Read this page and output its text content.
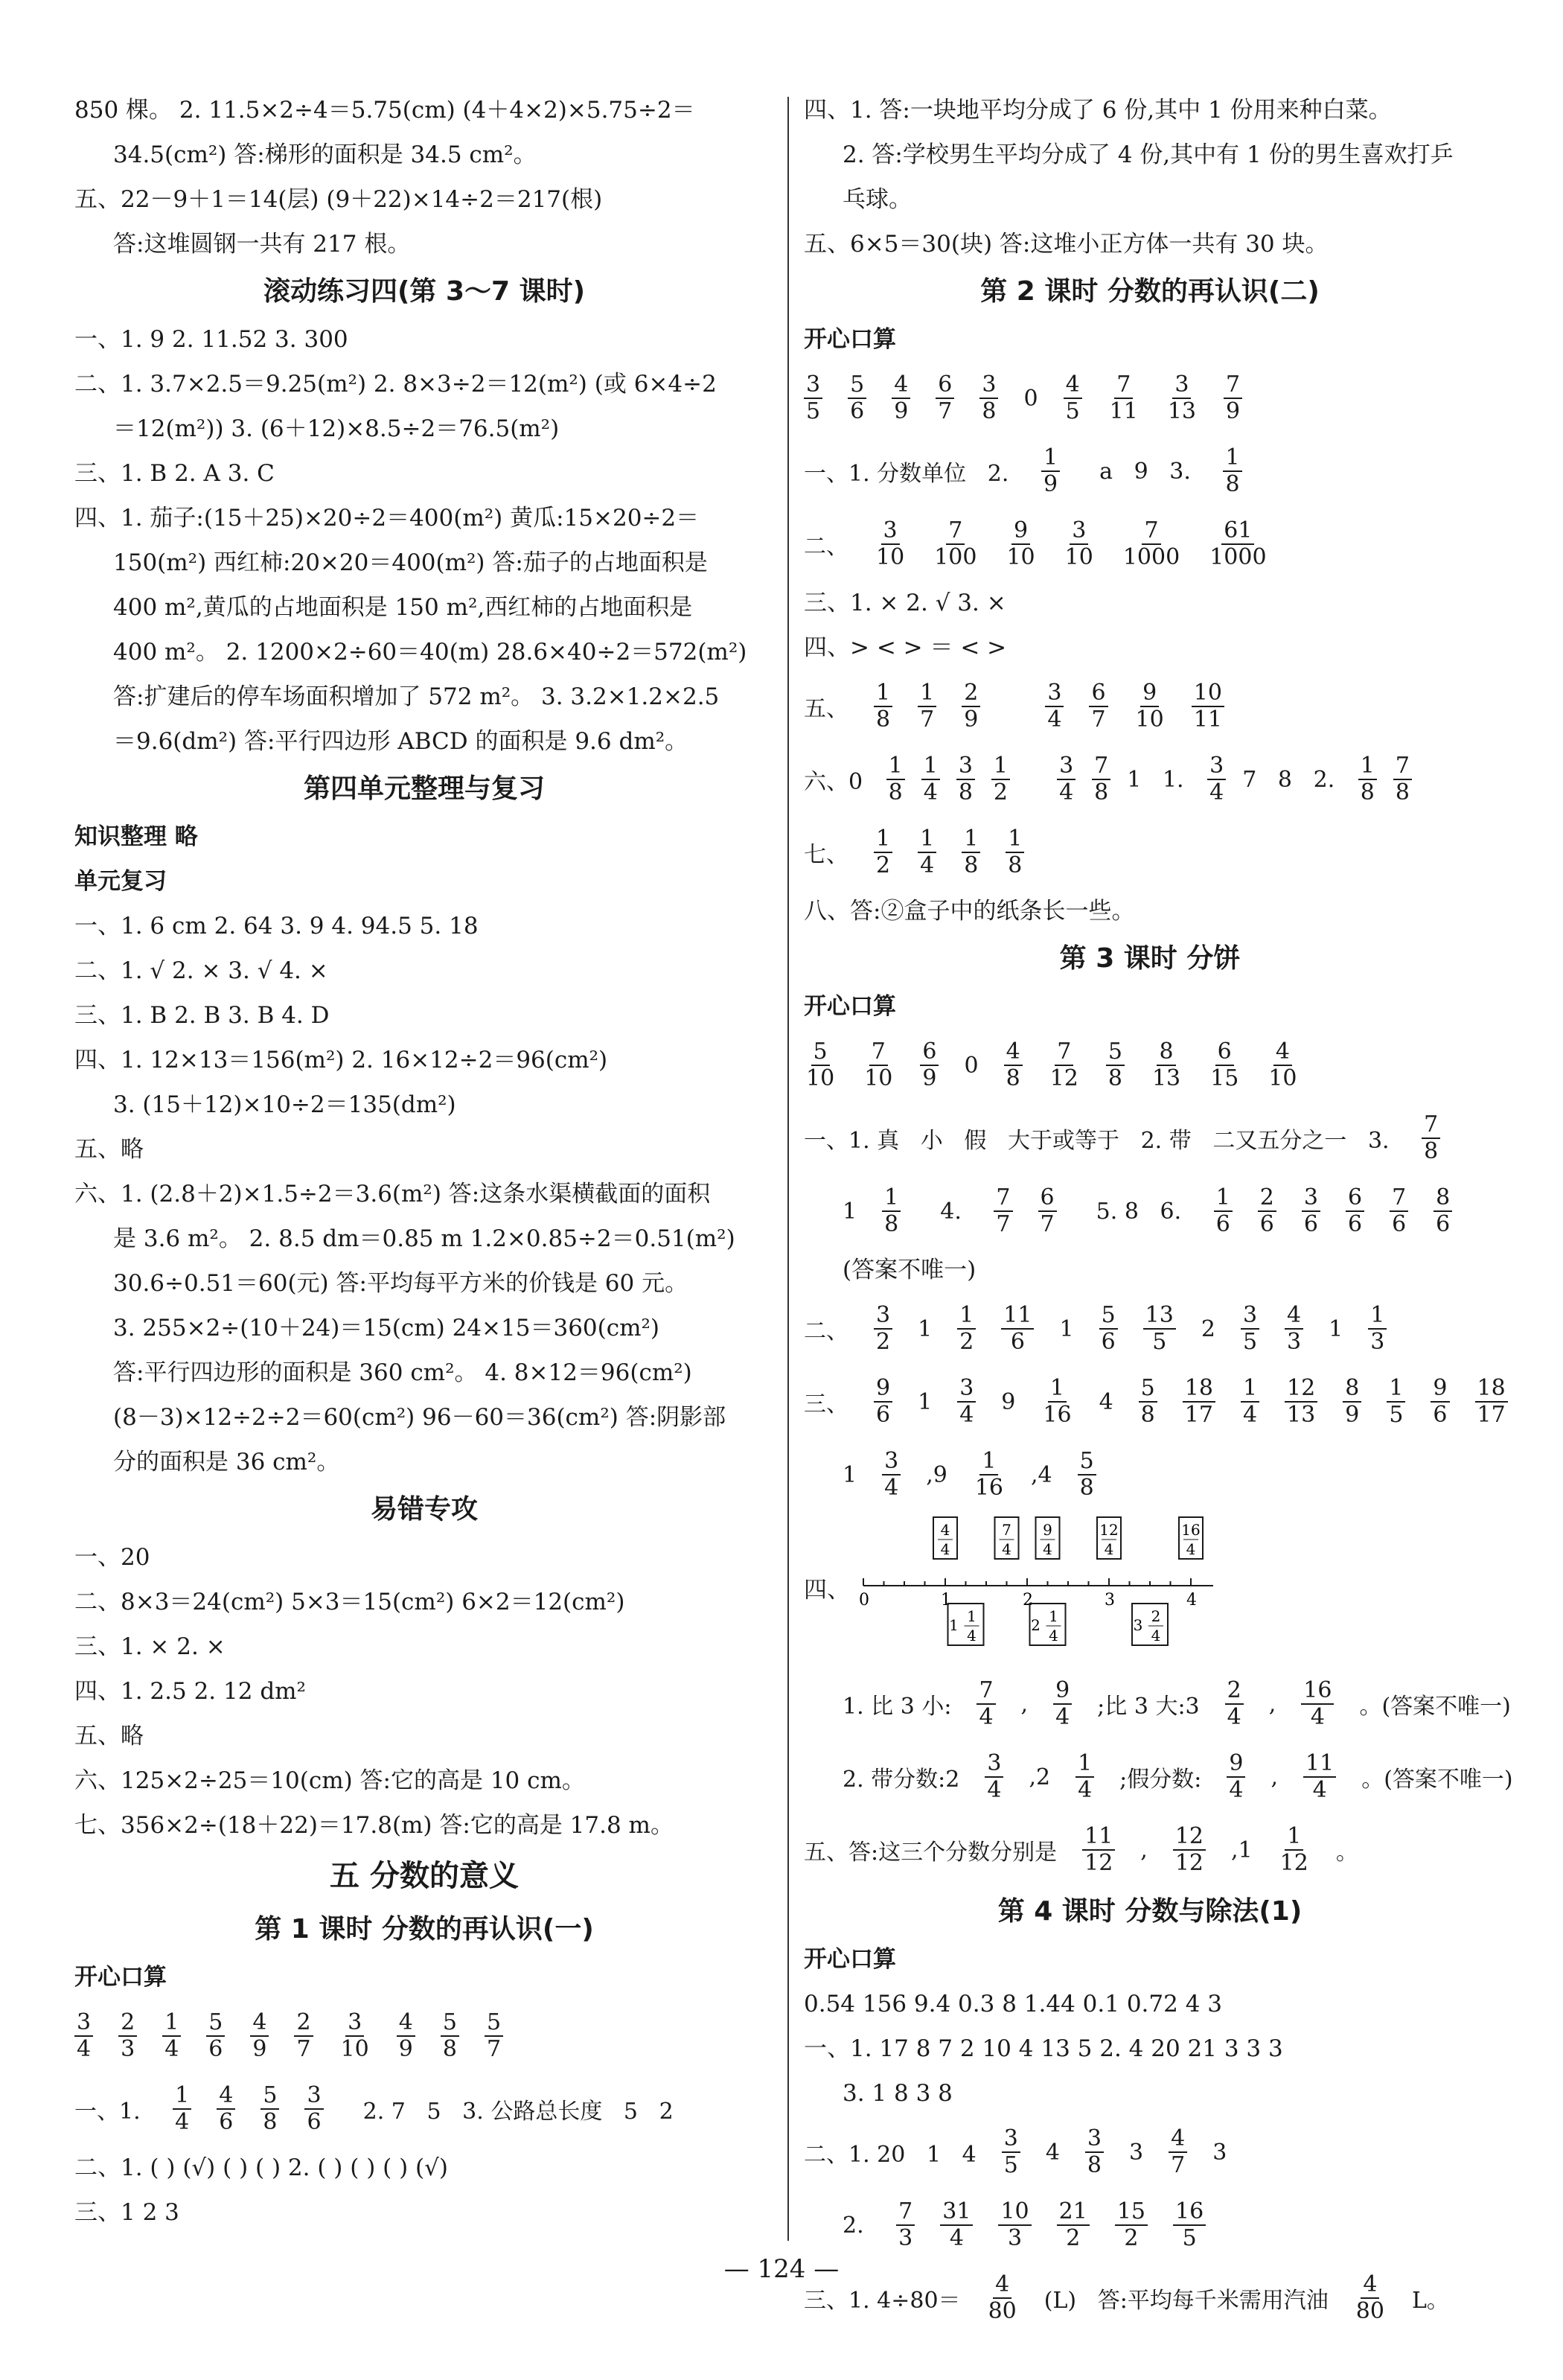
850 棵。 2. 11.5×2÷4＝5.75(cm) (4＋4×2)×5.75÷2＝
34.5(cm²) 答:梯形的面积是 34.5 cm²。
五、22－9＋1＝14(层) (9＋22)×14÷2＝217(根)
答:这堆圆钢一共有 217 根。
滚动练习四(第 3～7 课时)
一、1. 9 2. 11.52 3. 300
二、1. 3.7×2.5＝9.25(m²) 2. 8×3÷2＝12(m²) (或 6×4÷2
＝12(m²)) 3. (6＋12)×8.5÷2＝76.5(m²)
三、1. B 2. A 3. C
四、1. 茄子:(15＋25)×20÷2＝400(m²) 黄瓜:15×20÷2＝
150(m²) 西红柿:20×20＝400(m²) 答:茄子的占地面积是
400 m²,黄瓜的占地面积是 150 m²,西红柿的占地面积是
400 m²。 2. 1200×2÷60＝40(m) 28.6×40÷2＝572(m²)
答:扩建后的停车场面积增加了 572 m²。 3. 3.2×1.2×2.5
＝9.6(dm²) 答:平行四边形 ABCD 的面积是 9.6 dm²。
第四单元整理与复习
知识整理 略
单元复习
一、1. 6 cm 2. 64 3. 9 4. 94.5 5. 18
二、1. √ 2. × 3. √ 4. ×
三、1. B 2. B 3. B 4. D
四、1. 12×13＝156(m²) 2. 16×12÷2＝96(cm²)
3. (15＋12)×10÷2＝135(dm²)
五、略
六、1. (2.8＋2)×1.5÷2＝3.6(m²) 答:这条水渠横截面的面积
是 3.6 m²。 2. 8.5 dm＝0.85 m 1.2×0.85÷2＝0.51(m²)
30.6÷0.51＝60(元) 答:平均每平方米的价钱是 60 元。
3. 255×2÷(10＋24)＝15(cm) 24×15＝360(cm²)
答:平行四边形的面积是 360 cm²。 4. 8×12＝96(cm²)
(8－3)×12÷2÷2＝60(cm²) 96－60＝36(cm²) 答:阴影部
分的面积是 36 cm²。
易错专攻
一、20
二、8×3＝24(cm²) 5×3＝15(cm²) 6×2＝12(cm²)
三、1. × 2. ×
四、1. 2.5 2. 12 dm²
五、略
六、125×2÷25＝10(cm) 答:它的高是 10 cm。
七、356×2÷(18＋22)＝17.8(m) 答:它的高是 17.8 m。
五 分数的意义
第 1 课时 分数的再认识(一)
开心口算
$\frac{3}{4} \frac{2}{3} \frac{1}{4} \frac{5}{6} \frac{4}{9} \frac{2}{7} \frac{3}{10} \frac{4}{9} \frac{5}{8} \frac{5}{7}$
一、1. $\frac{1}{4} \frac{4}{6} \frac{5}{8} \frac{3}{6} 2$. 7   5   3. 公路总长度   5   2
二、1. ( ) (√) ( ) ( ) 2. ( ) ( ) ( ) (√)
三、1 2 3
四、1. 答:一块地平均分成了 6 份,其中 1 份用来种白菜。
2. 答:学校男生平均分成了 4 份,其中有 1 份的男生喜欢打乒
乓球。
五、6×5＝30(块) 答:这堆小正方体一共有 30 块。
第 2 课时 分数的再认识(二)
开心口算
$\frac{3}{5} \frac{5}{6} \frac{4}{9} \frac{6}{7} \frac{3}{8} 0 \frac{4}{5} \frac{7}{11} \frac{3}{13} \frac{7}{9}$
一、1. 分数单位   2. $\frac{1}{9}$ a   9   3. $\frac{1}{8}$
二、 $\frac{3}{10} \frac{7}{100} \frac{9}{10} \frac{3}{10} \frac{7}{1000} \frac{61}{1000}$
三、1. × 2. √ 3. ×
四、> < > ＝ < >
五、 $\frac{1}{8} \frac{1}{7} \frac{2}{9}$
	$\frac{3}{4} \frac{6}{7} \frac{9}{10} \frac{10}{11}$
六、$0 \frac{1}{8} \frac{1}{4} \frac{3}{8} \frac{1}{2}$
$\frac{3}{4} \frac{7}{8} 1$   1. $\frac{3}{4} 7$   8   2. $\frac{1}{8} \frac{7}{8}$
七、 $\frac{1}{2} \frac{1}{4} \frac{1}{8} \frac{1}{8}$
八、答:②盒子中的纸条长一些。
第 3 课时 分饼
开心口算
$\frac{5}{10} \frac{7}{10} \frac{6}{9} 0 \frac{4}{8} \frac{7}{12} \frac{5}{8} \frac{8}{13} \frac{6}{15} \frac{4}{10}$
一、1. 真   小   假   大于或等于   2. 带   二又五分之一   3. $\frac{7}{8}$
$1 \frac{1}{8} 4$. $\frac{7}{7} \frac{6}{7} 5$. 8   6. $\frac{1}{6} \frac{2}{6} \frac{3}{6} \frac{6}{6} \frac{7}{6} \frac{8}{6}$
(答案不唯一)
二、 $\frac{3}{2} 1 \frac{1}{2} \frac{11}{6} 1 \frac{5}{6} \frac{13}{5} 2 \frac{3}{5} \frac{4}{3} 1 \frac{1}{3}$
三、 $\frac{9}{6} 1 \frac{3}{4} 9 \frac{1}{16} 4 \frac{5}{8} \frac{18}{17} \frac{1}{4} \frac{12}{13} \frac{8}{9} \frac{1}{5} \frac{9}{6} \frac{18}{17}$
$1 \frac{3}{4} ,9 \frac{1}{16} ,4 \frac{5}{8}$
四、 0	1	2	3	4
4
4
7
4
9
4
12
4
16
4
1
4
1	1
4
2	2
4
3
1. 比 3 小: $\frac{7}{4}$ , $\frac{9}{4}$ ;比 3 大:3 $\frac{2}{4}$ , $\frac{16}{4}$ 。(答案不唯一)
2. 带分数:2 $\frac{3}{4} ,2 \frac{1}{4}$ ;假分数: $\frac{9}{4}$ , $\frac{11}{4}$ 。(答案不唯一)
五、答:这三个分数分别是 $\frac{11}{12}$ , $\frac{12}{12} ,1 \frac{1}{12}$ 。
第 4 课时 分数与除法(1)
开心口算
0.54 156 9.4 0.3 8 1.44 0.1 0.72 4 3
一、1. 17 8 7 2 10 4 13 5 2. 4 20 21 3 3 3
3. 1 8 3 8
二、1. 20   1   $4 \frac{3}{5} 4 \frac{3}{8} 3 \frac{4}{7} 3$
2. $\frac{7}{3} \frac{31}{4} \frac{10}{3} \frac{21}{2} \frac{15}{2} \frac{16}{5}$
三、1. $4\div 80= \frac{4}{80} (L)$   答:平均每千米需用汽油 $\frac{4}{80}$ L。
— 124 —
